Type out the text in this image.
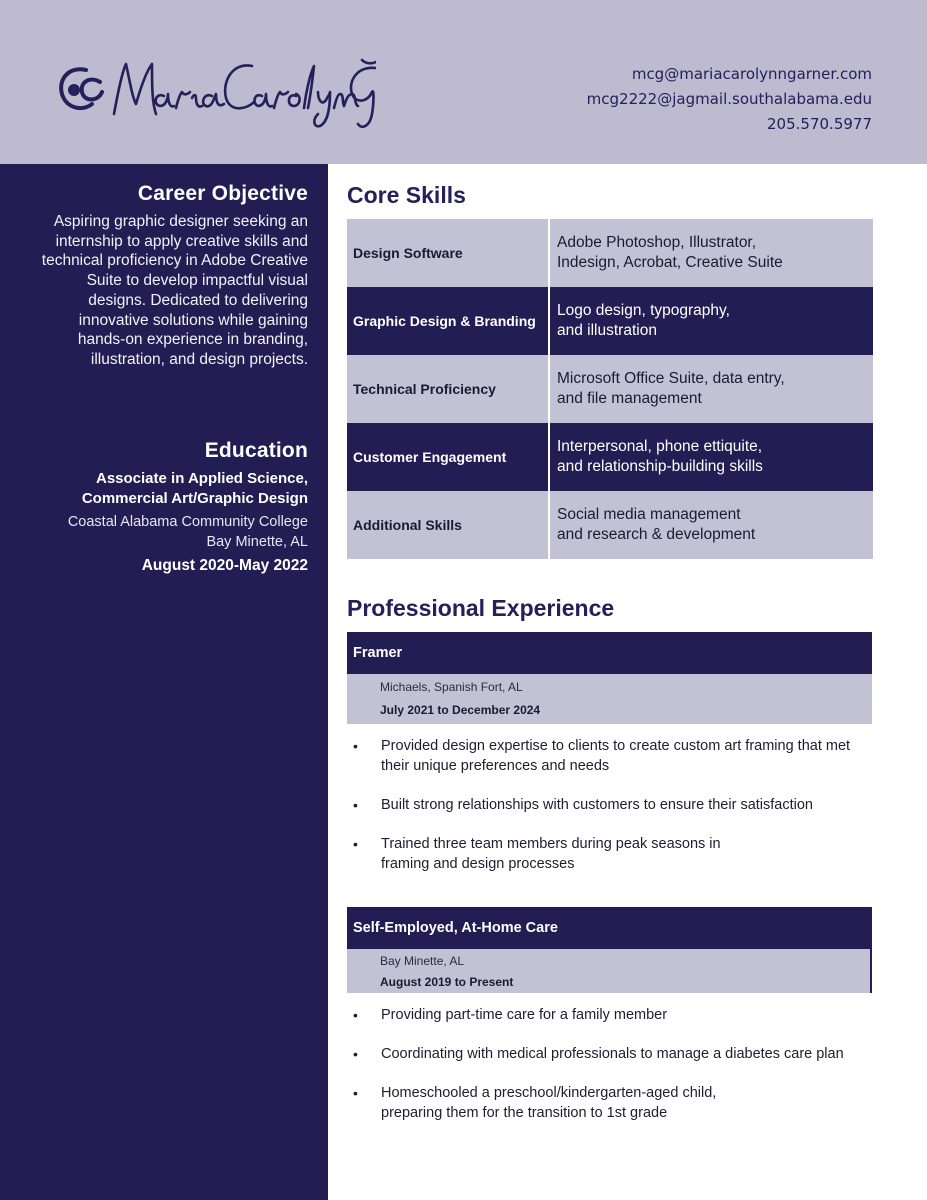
mcg@mariacarolynngarner.com
mcg2222@jagmail.southalabama.edu
205.570.5977
Career Objective

Aspiring graphic designer seeking an internship to apply creative skills and technical proficiency in Adobe Creative Suite to develop impactful visual designs. Dedicated to delivering innovative solutions while gaining hands-on experience in branding, illustration, and design projects.

Education
Associate in Applied Science,
Commercial Art/Graphic Design
Coastal Alabama Community College
Bay Minette, AL
August 2020-May 2022
Core Skills
Design Software
Adobe Photoshop, Illustrator,
Indesign, Acrobat, Creative Suite
Graphic Design & Branding
Logo design, typography,
and illustration
Technical Proficiency
Microsoft Office Suite, data entry,
and file management
Customer Engagement
Interpersonal, phone ettiquite,
and relationship-building skills
Additional Skills
Social media management
and research & development
Professional Experience
Framer
Michaels, Spanish Fort, AL
July 2021 to December 2024
• Provided design expertise to clients to create custom art framing that met
their unique preferences and needs
• Built strong relationships with customers to ensure their satisfaction
• Trained three team members during peak seasons in
framing and design processes
Self-Employed, At-Home Care
Bay Minette, AL
August 2019 to Present
• Providing part-time care for a family member
• Coordinating with medical professionals to manage a diabetes care plan
• Homeschooled a preschool/kindergarten-aged child,
preparing them for the transition to 1st grade
